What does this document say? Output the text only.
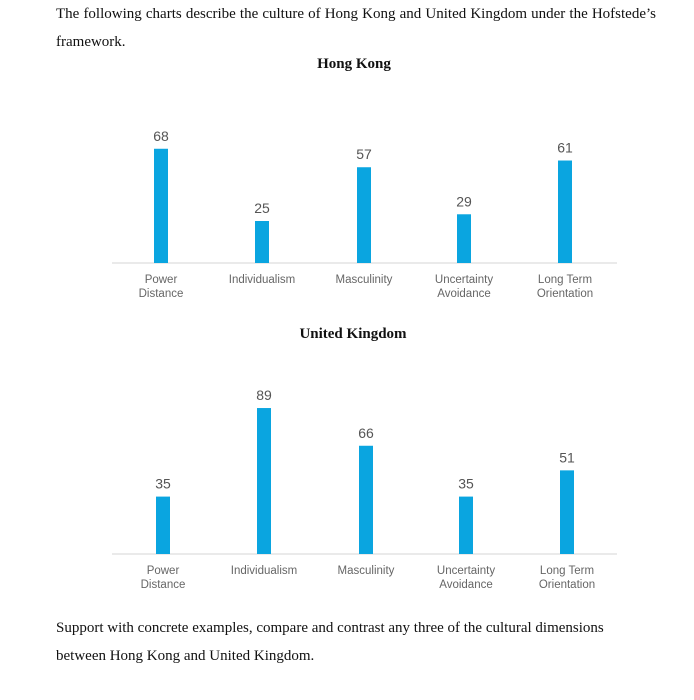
The following charts describe the culture of Hong Kong and United Kingdom under the Hofstede’s framework.
Hong Kong
68
Power
Distance
25
Individualism
57
Masculinity
29
Uncertainty
Avoidance
61
Long Term
Orientation
United Kingdom
35
Power
Distance
89
Individualism
66
Masculinity
35
Uncertainty
Avoidance
51
Long Term
Orientation
Support with concrete examples, compare and contrast any three of the cultural dimensions between Hong Kong and United Kingdom.
